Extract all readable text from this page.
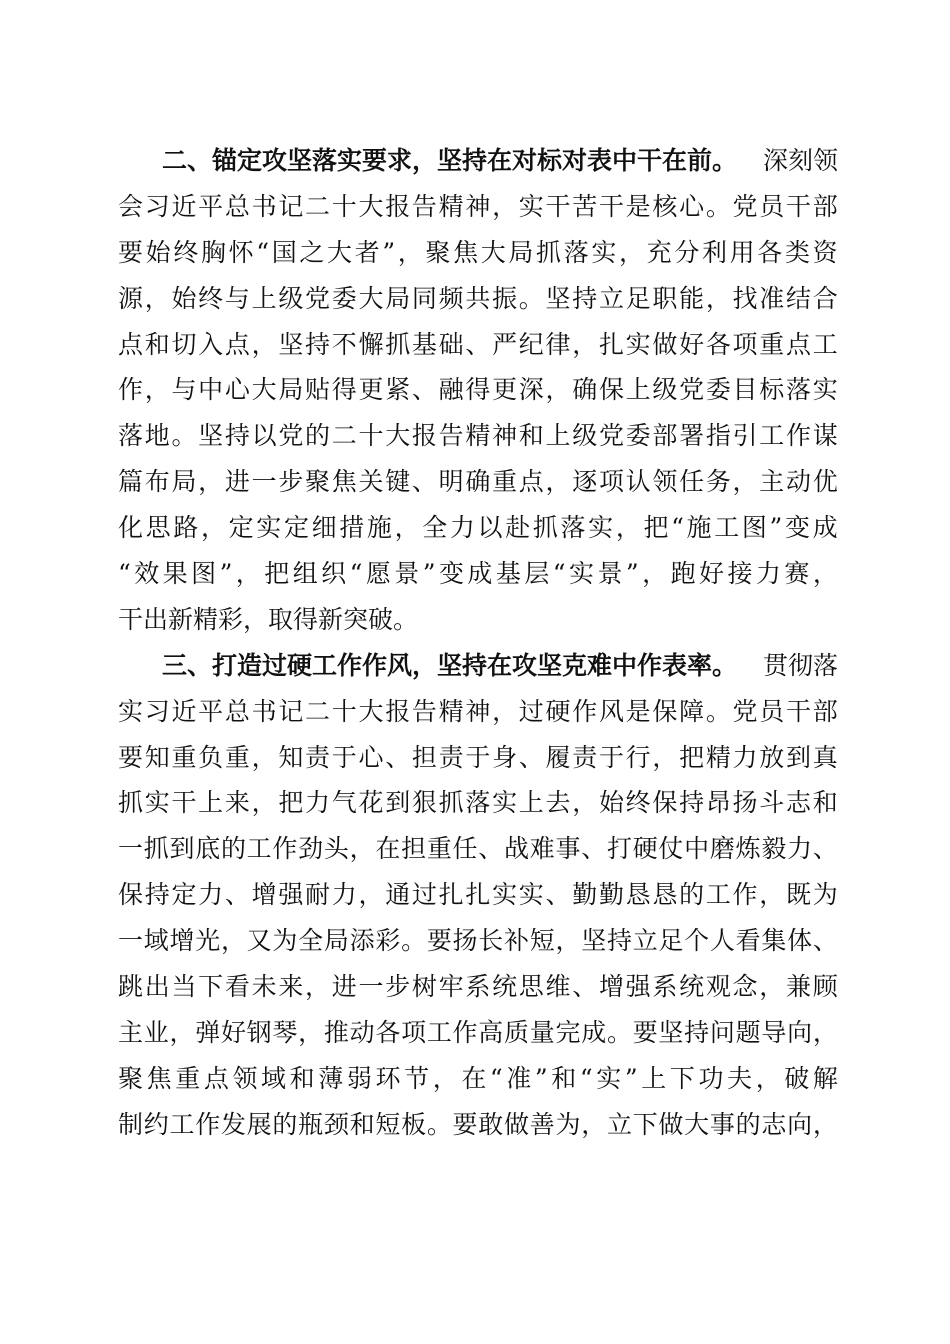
二、锚定攻坚落实要求，坚持在对标对表中干在前。 深刻领
会 习 近 平 总 书 记 二 十 大 报 告 精 神 ， 实 干 苦 干 是 核 心 。 党 员 干 部
要 始 终 胸 怀 “ 国 之 大 者 ” ， 聚 焦 大 局 抓 落 实 ， 充 分 利 用 各 类 资
源 ， 始 终 与 上 级 党 委 大 局 同 频 共 振 。 坚 持 立 足 职 能 ， 找 准 结 合
点 和 切 入 点 ， 坚 持 不 懈 抓 基 础 、 严 纪 律 ， 扎 实 做 好 各 项 重 点 工
作 ， 与 中 心 大 局 贴 得 更 紧 、 融 得 更 深 ， 确 保 上 级 党 委 目 标 落 实
落 地 。 坚 持 以 党 的 二 十 大 报 告 精 神 和 上 级 党 委 部 署 指 引 工 作 谋
篇 布 局 ， 进 一 步 聚 焦 关 键 、 明 确 重 点 ， 逐 项 认 领 任 务 ， 主 动 优
化 思 路 ， 定 实 定 细 措 施 ， 全 力 以 赴 抓 落 实 ， 把 “ 施 工 图 ” 变 成
“ 效 果 图 ” ， 把 组 织 “ 愿 景 ” 变 成 基 层 “ 实 景 ” ， 跑 好 接 力 赛 ，
干出新精彩，取得新突破。
三、打造过硬工作作风，坚持在攻坚克难中作表率。 贯彻落
实 习 近 平 总 书 记 二 十 大 报 告 精 神 ， 过 硬 作 风 是 保 障 。 党 员 干 部
要 知 重 负 重 ， 知 责 于 心 、 担 责 于 身 、 履 责 于 行 ， 把 精 力 放 到 真
抓 实 干 上 来 ， 把 力 气 花 到 狠 抓 落 实 上 去 ， 始 终 保 持 昂 扬 斗 志 和
一 抓 到 底 的 工 作 劲 头 ， 在 担 重 任 、 战 难 事 、 打 硬 仗 中 磨 炼 毅 力 、
保 持 定 力 、 增 强 耐 力 ， 通 过 扎 扎 实 实 、 勤 勤 恳 恳 的 工 作 ， 既 为
一 域 增 光 ， 又 为 全 局 添 彩 。 要 扬 长 补 短 ， 坚 持 立 足 个 人 看 集 体 、
跳 出 当 下 看 未 来 ， 进 一 步 树 牢 系 统 思 维 、 增 强 系 统 观 念 ， 兼 顾
主 业 ， 弹 好 钢 琴 ， 推 动 各 项 工 作 高 质 量 完 成 。 要 坚 持 问 题 导 向 ，
聚 焦 重 点 领 域 和 薄 弱 环 节 ， 在 “ 准 ” 和 “ 实 ” 上 下 功 夫 ， 破 解
制 约 工 作 发 展 的 瓶 颈 和 短 板 。 要 敢 做 善 为 ， 立 下 做 大 事 的 志 向 ，
